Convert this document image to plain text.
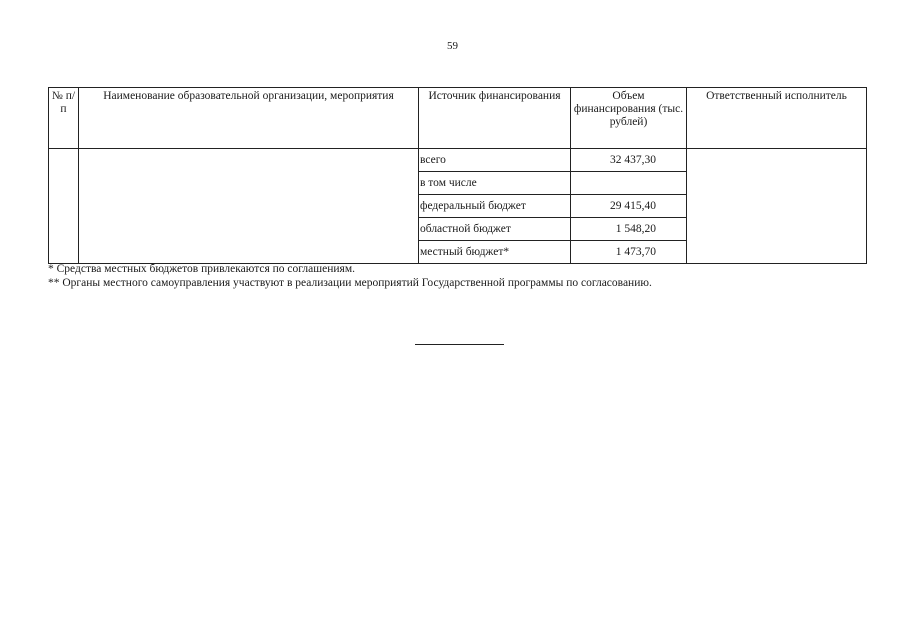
59
№ п/п	Наименование образовательной организации, мероприятия	Источник финансирования	Объем финансирования (тыс. рублей)	Ответственный исполнитель
		всего	32 437,30	
		в том числе		
		федеральный бюджет	29 415,40	
		областной бюджет	1 548,20	
		местный бюджет*	1 473,70	
* Средства местных бюджетов привлекаются по соглашениям.
** Органы местного самоуправления участвуют в реализации мероприятий Государственной программы по согласованию.
